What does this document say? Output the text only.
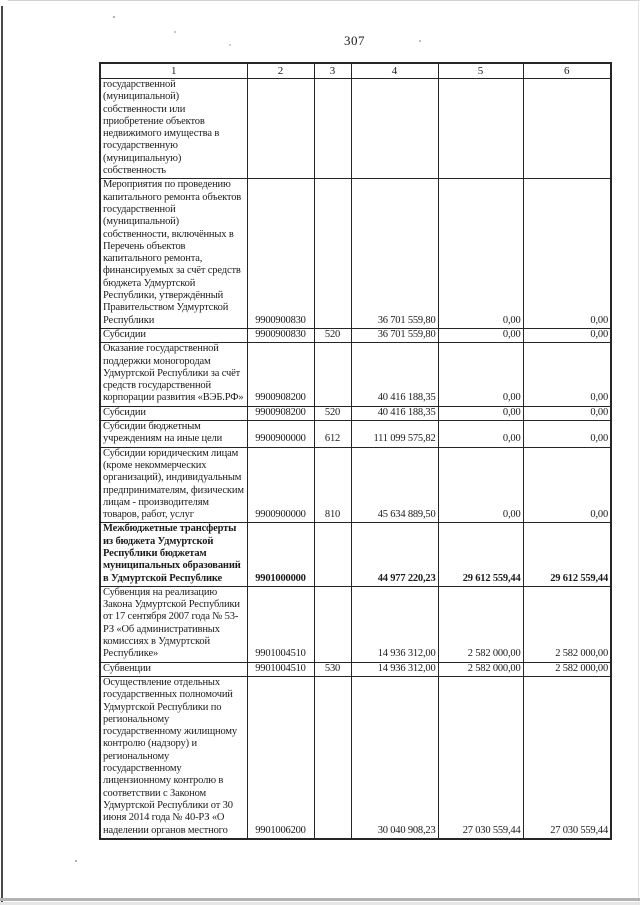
307
1	2	3	4	5	6
государственной (муниципальной) собственности или приобретение объектов недвижимого имущества в государственную (муниципальную) собственность					
Мероприятия по проведению капитального ремонта объектов государственной (муниципальной) собственности, включённых в Перечень объектов капитального ремонта, финансируемых за счёт средств бюджета Удмуртской Республики, утверждённый Правительством Удмуртской Республики	9900900830		36 701 559,80	0,00	0,00
Субсидии	9900900830	520	36 701 559,80	0,00	0,00
Оказание государственной поддержки моногородам Удмуртской Республики за счёт средств государственной корпорации развития «ВЭБ.РФ»	9900908200		40 416 188,35	0,00	0,00
Субсидии	9900908200	520	40 416 188,35	0,00	0,00
Субсидии бюджетным учреждениям на иные цели	9900900000	612	111 099 575,82	0,00	0,00
Субсидии юридическим лицам (кроме некоммерческих организаций), индивидуальным предпринимателям, физическим лицам - производителям товаров, работ, услуг	9900900000	810	45 634 889,50	0,00	0,00
Межбюджетные трансферты из бюджета Удмуртской Республики бюджетам муниципальных образований в Удмуртской Республике	9901000000		44 977 220,23	29 612 559,44	29 612 559,44
Субвенция на реализацию Закона Удмуртской Республики от 17 сентября 2007 года № 53-РЗ «Об административных комиссиях в Удмуртской Республике»	9901004510		14 936 312,00	2 582 000,00	2 582 000,00
Субвенции	9901004510	530	14 936 312,00	2 582 000,00	2 582 000,00
Осуществление отдельных государственных полномочий Удмуртской Республики по региональному государственному жилищному контролю (надзору) и региональному государственному лицензионному контролю в соответствии с Законом Удмуртской Республики от 30 июня 2014 года № 40-РЗ «О наделении органов местного	9901006200		30 040 908,23	27 030 559,44	27 030 559,44
